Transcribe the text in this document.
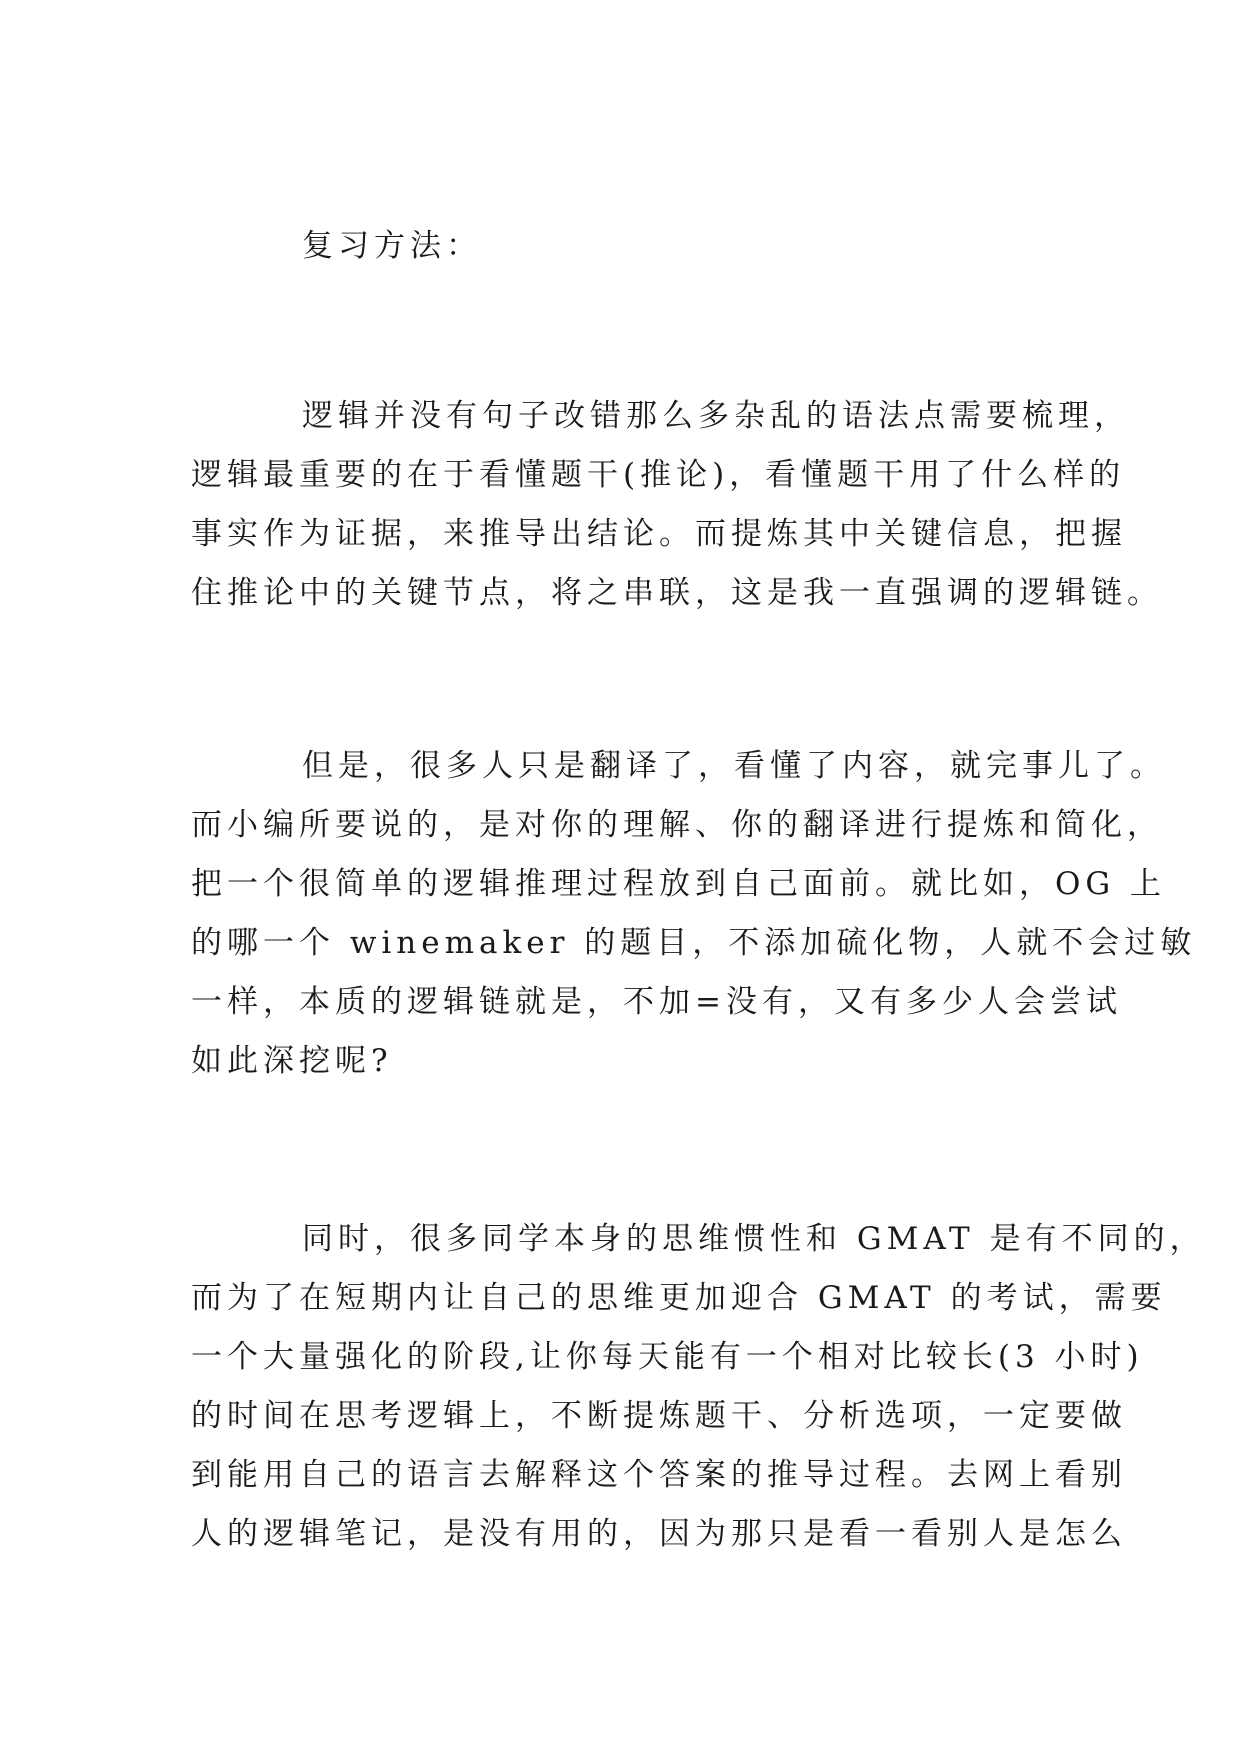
复习方法：
逻辑并没有句子改错那么多杂乱的语法点需要梳理，
逻辑最重要的在于看懂题干(推论)，看懂题干用了什么样的
事实作为证据，来推导出结论。而提炼其中关键信息，把握
住推论中的关键节点，将之串联，这是我一直强调的逻辑链。
但是，很多人只是翻译了，看懂了内容，就完事儿了。
而小编所要说的，是对你的理解、你的翻译进行提炼和简化，
把一个很简单的逻辑推理过程放到自己面前。就比如，OG 上
的哪一个 winemaker 的题目，不添加硫化物，人就不会过敏
一样，本质的逻辑链就是，不加=没有，又有多少人会尝试
如此深挖呢?
同时，很多同学本身的思维惯性和 GMAT 是有不同的，
而为了在短期内让自己的思维更加迎合 GMAT 的考试，需要
一个大量强化的阶段,让你每天能有一个相对比较长(3 小时)
的时间在思考逻辑上，不断提炼题干、分析选项，一定要做
到能用自己的语言去解释这个答案的推导过程。去网上看别
人的逻辑笔记，是没有用的，因为那只是看一看别人是怎么
